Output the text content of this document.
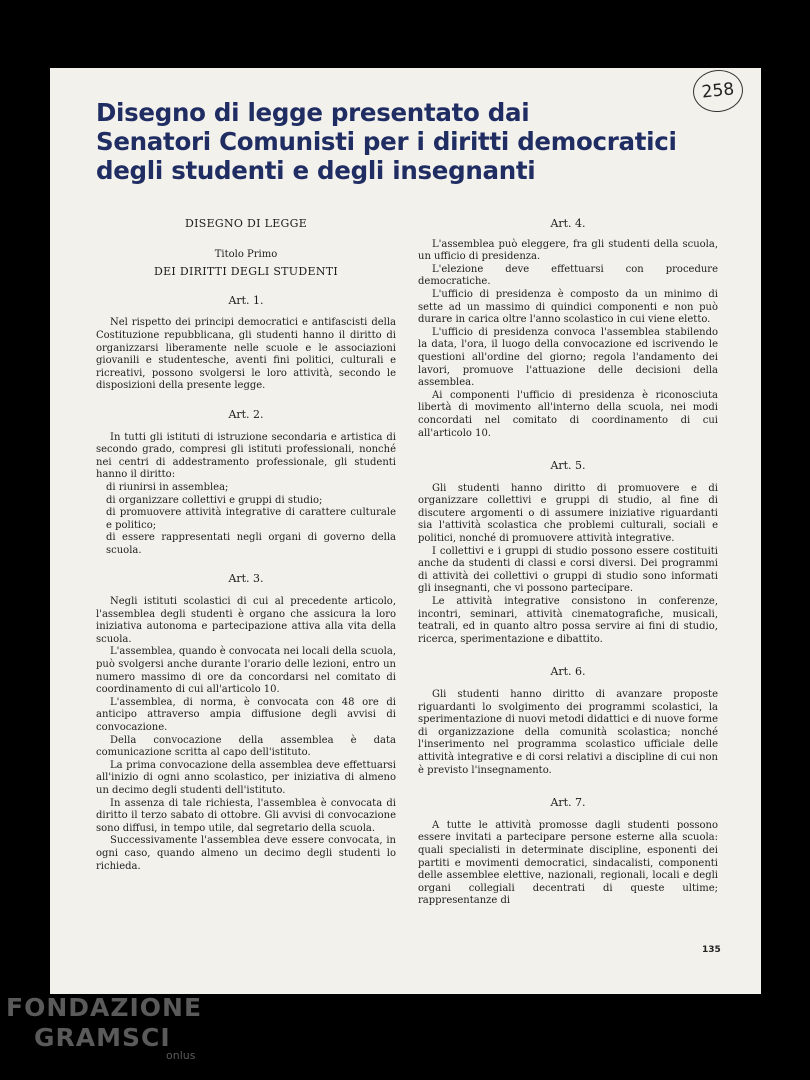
258
Disegno di legge presentato dai
Senatori Comunisti per i diritti democratici
degli studenti e degli insegnanti
DISEGNO DI LEGGE
Titolo Primo
DEI DIRITTI DEGLI STUDENTI
Art. 1.

Nel rispetto dei principi democratici e antifascisti della Costituzione repubblicana, gli studenti hanno il diritto di organizzarsi liberamente nelle scuole e le associazioni giovanili e studentesche, aventi fini politici, culturali e ricreativi, possono svolgersi le loro attività, secondo le disposizioni della presente legge.

Art. 2.

In tutti gli istituti di istruzione secondaria e artistica di secondo grado, compresi gli istituti professionali, nonché nei centri di addestramento professionale, gli studenti hanno il diritto:

di riunirsi in assemblea;

di organizzare collettivi e gruppi di studio;

di promuovere attività integrative di carattere culturale e politico;

di essere rappresentati negli organi di governo della scuola.

Art. 3.

Negli istituti scolastici di cui al precedente articolo, l'assemblea degli studenti è organo che assicura la loro iniziativa autonoma e partecipazione attiva alla vita della scuola.

L'assemblea, quando è convocata nei locali della scuola, può svolgersi anche durante l'orario delle lezioni, entro un numero massimo di ore da concordarsi nel comitato di coordinamento di cui all'articolo 10.

L'assemblea, di norma, è convocata con 48 ore di anticipo attraverso ampia diffusione degli avvisi di convocazione.

Della convocazione della assemblea è data comunicazione scritta al capo dell'istituto.

La prima convocazione della assemblea deve effettuarsi all'inizio di ogni anno scolastico, per iniziativa di almeno un decimo degli studenti dell'istituto.

In assenza di tale richiesta, l'assemblea è convocata di diritto il terzo sabato di ottobre. Gli avvisi di convocazione sono diffusi, in tempo utile, dal segretario della scuola.

Successivamente l'assemblea deve essere convocata, in ogni caso, quando almeno un decimo degli studenti lo richieda.

Art. 4.

L'assemblea può eleggere, fra gli studenti della scuola, un ufficio di presidenza.

L'elezione deve effettuarsi con procedure democratiche.

L'ufficio di presidenza è composto da un minimo di sette ad un massimo di quindici componenti e non può durare in carica oltre l'anno scolastico in cui viene eletto.

L'ufficio di presidenza convoca l'assemblea stabilendo la data, l'ora, il luogo della convocazione ed iscrivendo le questioni all'ordine del giorno; regola l'andamento dei lavori, promuove l'attuazione delle decisioni della assemblea.

Ai componenti l'ufficio di presidenza è riconosciuta libertà di movimento all'interno della scuola, nei modi concordati nel comitato di coordinamento di cui all'articolo 10.

Art. 5.

Gli studenti hanno diritto di promuovere e di organizzare collettivi e gruppi di studio, al fine di discutere argomenti o di assumere iniziative riguardanti sia l'attività scolastica che problemi culturali, sociali e politici, nonché di promuovere attività integrative.

I collettivi e i gruppi di studio possono essere costituiti anche da studenti di classi e corsi diversi. Dei programmi di attività dei collettivi o gruppi di studio sono informati gli insegnanti, che vi possono partecipare.

Le attività integrative consistono in conferenze, incontri, seminari, attività cinematografiche, musicali, teatrali, ed in quanto altro possa servire ai fini di studio, ricerca, sperimentazione e dibattito.

Art. 6.

Gli studenti hanno diritto di avanzare proposte riguardanti lo svolgimento dei programmi scolastici, la sperimentazione di nuovi metodi didattici e di nuove forme di organizzazione della comunità scolastica; nonché l'inserimento nel programma scolastico ufficiale delle attività integrative e di corsi relativi a discipline di cui non è previsto l'insegnamento.

Art. 7.

A tutte le attività promosse dagli studenti possono essere invitati a partecipare persone esterne alla scuola: quali specialisti in determinate discipline, esponenti dei partiti e movimenti democratici, sindacalisti, componenti delle assemblee elettive, nazionali, regionali, locali e degli organi collegiali decentrati di queste ultime; rappresentanze di

135
FONDAZIONE
GRAMSCI
onlus
